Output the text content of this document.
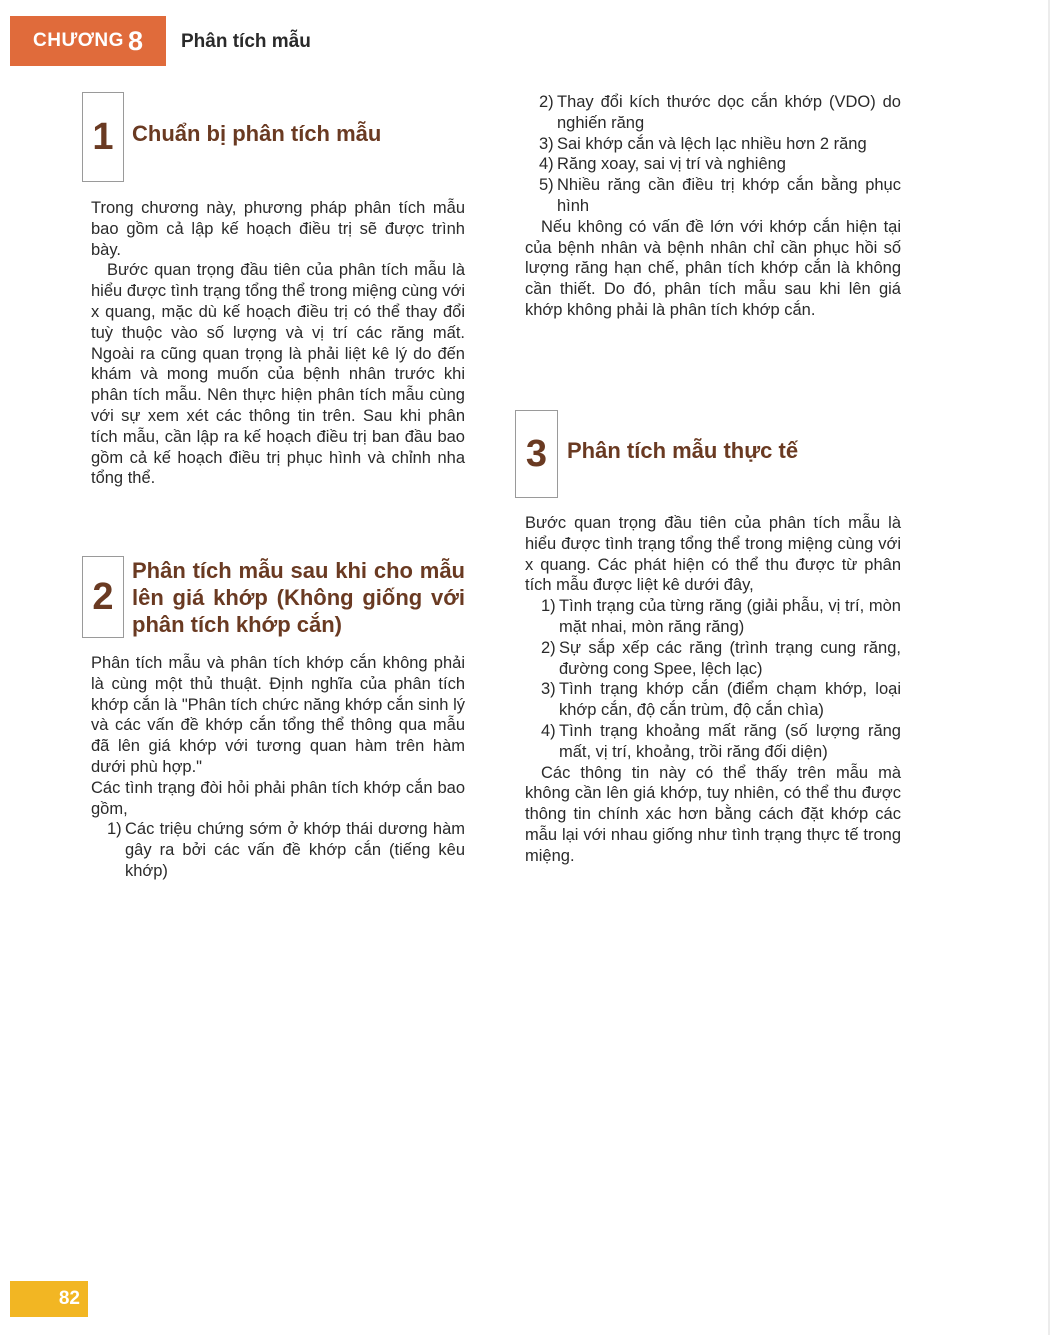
CHƯƠNG 8 Phân tích mẫu
1 Chuẩn bị phân tích mẫu

Trong chương này, phương pháp phân tích mẫu bao gồm cả lập kế hoạch điều trị sẽ được trình bày.

Bước quan trọng đầu tiên của phân tích mẫu là hiểu được tình trạng tổng thể trong miệng cùng với x quang, mặc dù kế hoạch điều trị có thể thay đổi tuỳ thuộc vào số lượng và vị trí các răng mất. Ngoài ra cũng quan trọng là phải liệt kê lý do đến khám và mong muốn của bệnh nhân trước khi phân tích mẫu. Nên thực hiện phân tích mẫu cùng với sự xem xét các thông tin trên. Sau khi phân tích mẫu, cần lập ra kế hoạch điều trị ban đầu bao gồm cả kế hoạch điều trị phục hình và chỉnh nha tổng thể.

2
Phân tích mẫu sau khi cho mẫu lên giá khớp (Không giống với phân tích khớp cắn)

Phân tích mẫu và phân tích khớp cắn không phải là cùng một thủ thuật. Định nghĩa của phân tích khớp cắn là "Phân tích chức năng khớp cắn sinh lý và các vấn đề khớp cắn tổng thể thông qua mẫu đã lên giá khớp với tương quan hàm trên hàm dưới phù hợp."

Các tình trạng đòi hỏi phải phân tích khớp cắn bao gồm,

1) Các triệu chứng sớm ở khớp thái dương hàm gây ra bởi các vấn đề khớp cắn (tiếng kêu khớp)
2) Thay đổi kích thước dọc cắn khớp (VDO) do nghiến răng
3) Sai khớp cắn và lệch lạc nhiều hơn 2 răng
4) Răng xoay, sai vị trí và nghiêng
5) Nhiều răng cần điều trị khớp cắn bằng phục hình

Nếu không có vấn đề lớn với khớp cắn hiện tại của bệnh nhân và bệnh nhân chỉ cần phục hồi số lượng răng hạn chế, phân tích khớp cắn là không cần thiết. Do đó, phân tích mẫu sau khi lên giá khớp không phải là phân tích khớp cắn.

3 Phân tích mẫu thực tế

Bước quan trọng đầu tiên của phân tích mẫu là hiểu được tình trạng tổng thể trong miệng cùng với x quang. Các phát hiện có thể thu được từ phân tích mẫu được liệt kê dưới đây,

1) Tình trạng của từng răng (giải phẫu, vị trí, mòn mặt nhai, mòn răng răng)
2) Sự sắp xếp các răng (trình trạng cung răng, đường cong Spee, lệch lạc)
3) Tình trạng khớp cắn (điểm chạm khớp, loại khớp cắn, độ cắn trùm, độ cắn chìa)
4) Tình trạng khoảng mất răng (số lượng răng mất, vị trí, khoảng, trồi răng đối diện)

Các thông tin này có thể thấy trên mẫu mà không cần lên giá khớp, tuy nhiên, có thể thu được thông tin chính xác hơn bằng cách đặt khớp các mẫu lại với nhau giống như tình trạng thực tế trong miệng.

82
